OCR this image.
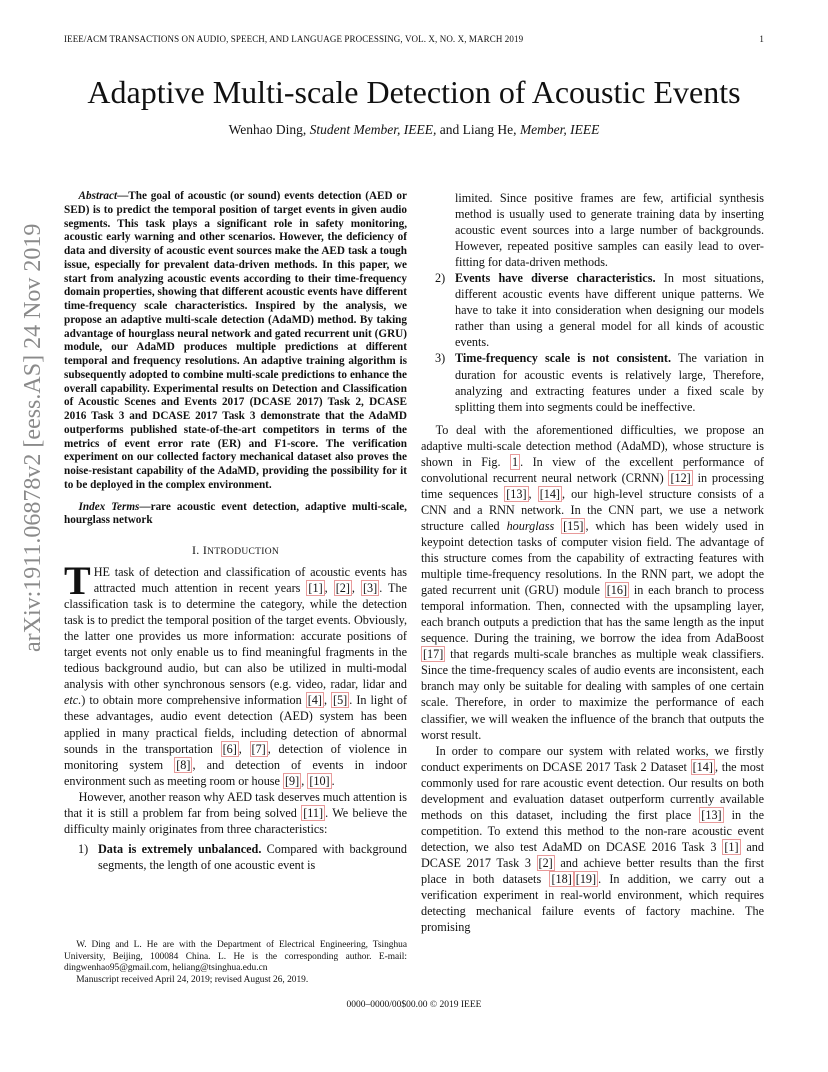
IEEE/ACM TRANSACTIONS ON AUDIO, SPEECH, AND LANGUAGE PROCESSING, VOL. X, NO. X, MARCH 2019	1
arXiv:1911.06878v2 [eess.AS] 24 Nov 2019
Adaptive Multi-scale Detection of Acoustic Events
Wenhao Ding, Student Member, IEEE, and Liang He, Member, IEEE

Abstract—The goal of acoustic (or sound) events detection (AED or SED) is to predict the temporal position of target events in given audio segments. This task plays a significant role in safety monitoring, acoustic early warning and other scenarios. However, the deficiency of data and diversity of acoustic event sources make the AED task a tough issue, especially for prevalent data-driven methods. In this paper, we start from analyzing acoustic events according to their time-frequency domain properties, showing that different acoustic events have different time-frequency scale characteristics. Inspired by the analysis, we propose an adaptive multi-scale detection (AdaMD) method. By taking advantage of hourglass neural network and gated recurrent unit (GRU) module, our AdaMD produces multiple predictions at different temporal and frequency resolutions. An adaptive training algorithm is subsequently adopted to combine multi-scale predictions to enhance the overall capability. Experimental results on Detection and Classification of Acoustic Scenes and Events 2017 (DCASE 2017) Task 2, DCASE 2016 Task 3 and DCASE 2017 Task 3 demonstrate that the AdaMD outperforms published state-of-the-art competitors in terms of the metrics of event error rate (ER) and F1-score. The verification experiment on our collected factory mechanical dataset also proves the noise-resistant capability of the AdaMD, providing the possibility for it to be deployed in the complex environment.

Index Terms—rare acoustic event detection, adaptive multi-scale, hourglass network

I. INTRODUCTION

THE task of detection and classification of acoustic events has attracted much attention in recent years [1] , [2] , [3] . The classification task is to determine the category, while the detection task is to predict the temporal position of the target events. Obviously, the latter one provides us more information: accurate positions of target events not only enable us to find meaningful fragments in the tedious background audio, but can also be utilized in multi-modal analysis with other synchronous sensors (e.g. video, radar, lidar and etc.) to obtain more comprehensive information [4] , [5] . In light of these advantages, audio event detection (AED) system has been applied in many practical fields, including detection of abnormal sounds in the transportation [6] , [7] , detection of violence in monitoring system [8] , and detection of events in indoor environment such as meeting room or house [9] , [10] .

However, another reason why AED task deserves much attention is that it is still a problem far from being solved [11] . We believe the difficulty mainly originates from three characteristics:

1) Data is extremely unbalanced. Compared with background segments, the length of one acoustic event is
limited. Since positive frames are few, artificial synthesis method is usually used to generate training data by inserting acoustic event sources into a large number of backgrounds. However, repeated positive samples can easily lead to over-fitting for data-driven methods.
2) Events have diverse characteristics. In most situations, different acoustic events have different unique patterns. We have to take it into consideration when designing our models rather than using a general model for all kinds of acoustic events.
3) Time-frequency scale is not consistent. The variation in duration for acoustic events is relatively large, Therefore, analyzing and extracting features under a fixed scale by splitting them into segments could be ineffective.

To deal with the aforementioned difficulties, we propose an adaptive multi-scale detection method (AdaMD), whose structure is shown in Fig. 1 . In view of the excellent performance of convolutional recurrent neural network (CRNN) [12] in processing time sequences [13] , [14] , our high-level structure consists of a CNN and a RNN network. In the CNN part, we use a network structure called hourglass [15] , which has been widely used in keypoint detection tasks of computer vision field. The advantage of this structure comes from the capability of extracting features with multiple time-frequency resolutions. In the RNN part, we adopt the gated recurrent unit (GRU) module [16] in each branch to process temporal information. Then, connected with the upsampling layer, each branch outputs a prediction that has the same length as the input sequence. During the training, we borrow the idea from AdaBoost [17] that regards multi-scale branches as multiple weak classifiers. Since the time-frequency scales of audio events are inconsistent, each branch may only be suitable for dealing with samples of one certain scale. Therefore, in order to maximize the performance of each classifier, we will weaken the influence of the branch that outputs the worst result.

In order to compare our system with related works, we firstly conduct experiments on DCASE 2017 Task 2 Dataset [14] , the most commonly used for rare acoustic event detection. Our results on both development and evaluation dataset outperform currently available methods on this dataset, including the first place [13] in the competition. To extend this method to the non-rare acoustic event detection, we also test AdaMD on DCASE 2016 Task 3 [1] and DCASE 2017 Task 3 [2] and achieve better results than the first place in both datasets [18] [19] . In addition, we carry out a verification experiment in real-world environment, which requires detecting mechanical failure events of factory machine. The promising

W. Ding and L. He are with the Department of Electrical Engineering, Tsinghua University, Beijing, 100084 China. L. He is the corresponding author. E-mail: dingwenhao95@gmail.com, heliang@tsinghua.edu.cn

Manuscript received April 24, 2019; revised August 26, 2019.

0000–0000/00$00.00 © 2019 IEEE
